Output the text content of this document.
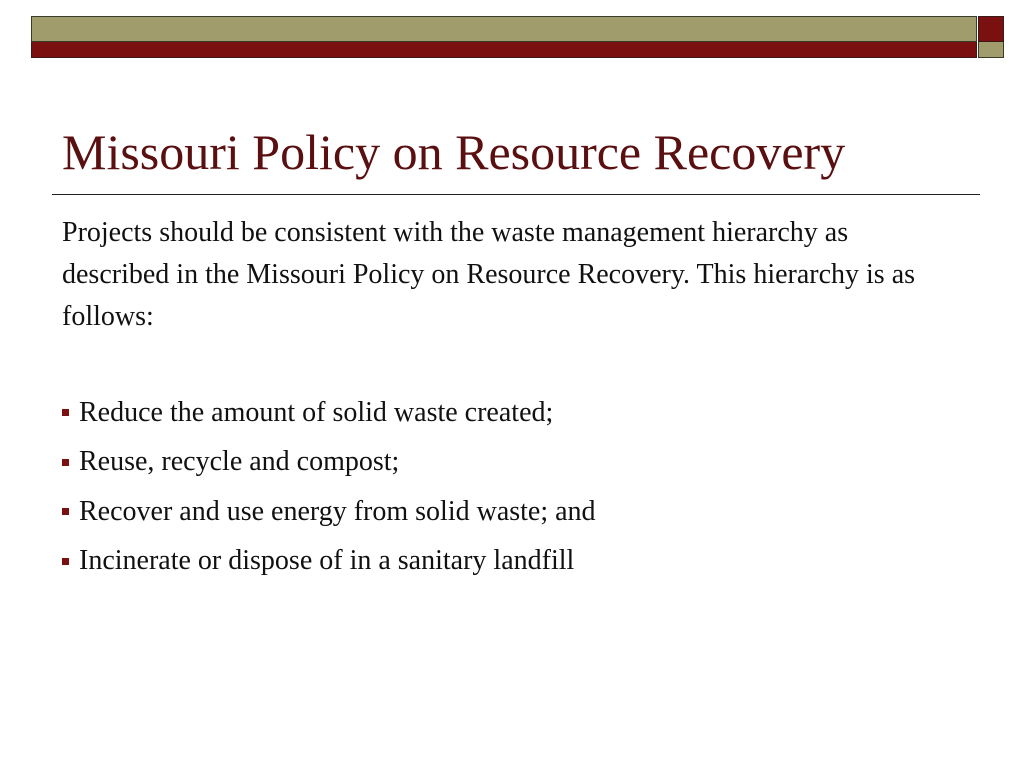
Missouri Policy on Resource Recovery

Projects should be consistent with the waste management hierarchy as described in the Missouri Policy on Resource Recovery. This hierarchy is as follows:

Reduce the amount of solid waste created;
Reuse, recycle and compost;
Recover and use energy from solid waste; and
Incinerate or dispose of in a sanitary landfill
